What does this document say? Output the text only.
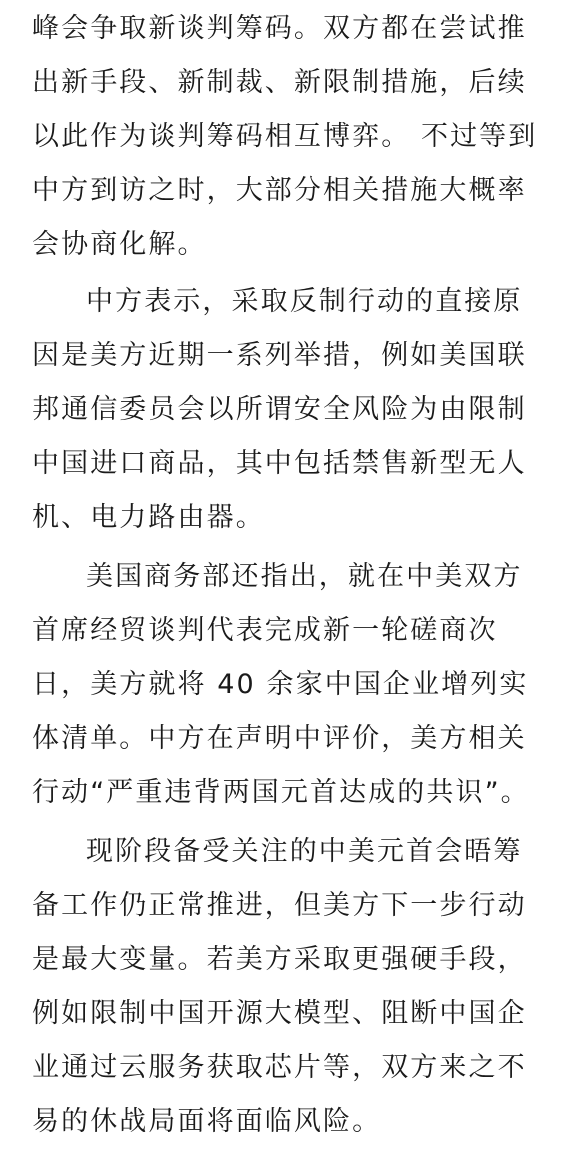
峰会争取新谈判筹码。双方都在尝试推
出新手段、新制裁、新限制措施，后续
以此作为谈判筹码相互博弈。 不过等到
中方到访之时，大部分相关措施大概率
会协商化解。
中方表示，采取反制行动的直接原
因是美方近期一系列举措，例如美国联
邦通信委员会以所谓安全风险为由限制
中国进口商品，其中包括禁售新型无人
机、电力路由器。
美国商务部还指出，就在中美双方
首席经贸谈判代表完成新一轮磋商次
日，美方就将 40 余家中国企业增列实
体清单。中方在声明中评价，美方相关
行动“严重违背两国元首达成的共识”。
现阶段备受关注的中美元首会晤筹
备工作仍正常推进，但美方下一步行动
是最大变量。若美方采取更强硬手段，
例如限制中国开源大模型、阻断中国企
业通过云服务获取芯片等，双方来之不
易的休战局面将面临风险。
